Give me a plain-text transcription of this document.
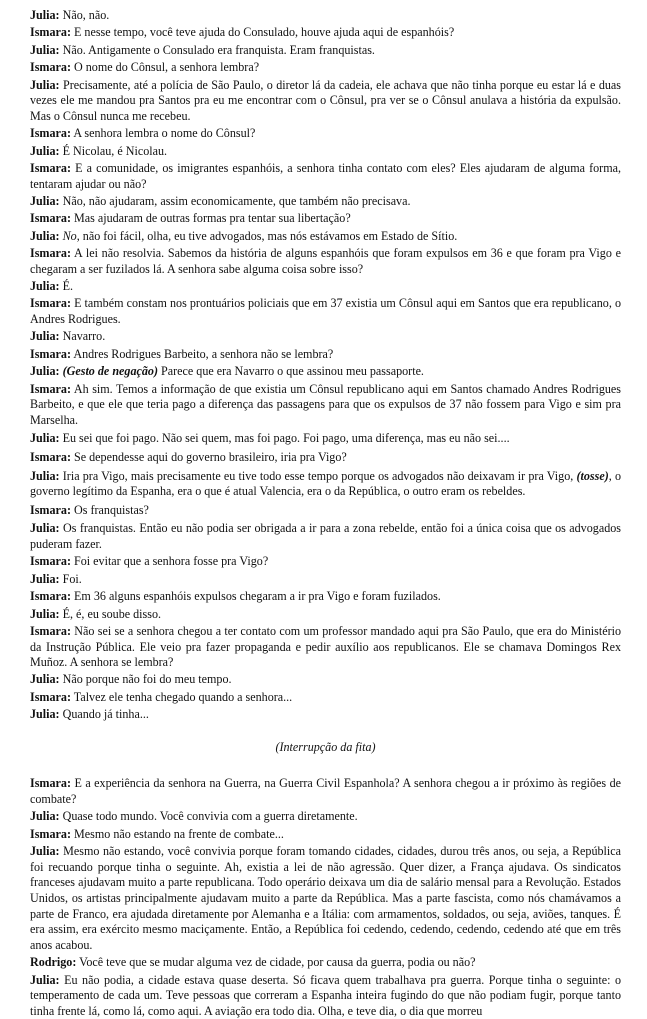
Julia: Não, não.

Ismara: E nesse tempo, você teve ajuda do Consulado, houve ajuda aqui de espanhóis?

Julia: Não. Antigamente o Consulado era franquista. Eram franquistas.

Ismara: O nome do Cônsul, a senhora lembra?

Julia: Precisamente, até a polícia de São Paulo, o diretor lá da cadeia, ele achava que não tinha porque eu estar lá e duas vezes ele me mandou pra Santos pra eu me encontrar com o Cônsul, pra ver se o Cônsul anulava a história da expulsão. Mas o Cônsul nunca me recebeu.

Ismara: A senhora lembra o nome do Cônsul?

Julia: É Nicolau, é Nicolau.

Ismara: E a comunidade, os imigrantes espanhóis, a senhora tinha contato com eles? Eles ajudaram de alguma forma, tentaram ajudar ou não?

Julia: Não, não ajudaram, assim economicamente, que também não precisava.

Ismara: Mas ajudaram de outras formas pra tentar sua libertação?

Julia: No, não foi fácil, olha, eu tive advogados, mas nós estávamos em Estado de Sítio.

Ismara: A lei não resolvia. Sabemos da história de alguns espanhóis que foram expulsos em 36 e que foram pra Vigo e chegaram a ser fuzilados lá. A senhora sabe alguma coisa sobre isso?

Julia: É.

Ismara: E também constam nos prontuários policiais que em 37 existia um Cônsul aqui em Santos que era republicano, o Andres Rodrigues.

Julia: Navarro.

Ismara: Andres Rodrigues Barbeito, a senhora não se lembra?

Julia: (Gesto de negação) Parece que era Navarro o que assinou meu passaporte.

Ismara: Ah sim. Temos a informação de que existia um Cônsul republicano aqui em Santos chamado Andres Rodrigues Barbeito, e que ele que teria pago a diferença das passagens para que os expulsos de 37 não fossem para Vigo e sim pra Marselha.

Julia: Eu sei que foi pago. Não sei quem, mas foi pago. Foi pago, uma diferença, mas eu não sei....

Ismara: Se dependesse aqui do governo brasileiro, iria pra Vigo?

Julia: Iria pra Vigo, mais precisamente eu tive todo esse tempo porque os advogados não deixavam ir pra Vigo, (tosse), o governo legítimo da Espanha, era o que é atual Valencia, era o da República, o outro eram os rebeldes.

Ismara: Os franquistas?

Julia: Os franquistas. Então eu não podia ser obrigada a ir para a zona rebelde, então foi a única coisa que os advogados puderam fazer.

Ismara: Foi evitar que a senhora fosse pra Vigo?

Julia: Foi.

Ismara: Em 36 alguns espanhóis expulsos chegaram a ir pra Vigo e foram fuzilados.

Julia: É, é, eu soube disso.

Ismara: Não sei se a senhora chegou a ter contato com um professor mandado aqui pra São Paulo, que era do Ministério da Instrução Pública. Ele veio pra fazer propaganda e pedir auxílio aos republicanos. Ele se chamava Domingos Rex Muñoz. A senhora se lembra?

Julia: Não porque não foi do meu tempo.

Ismara: Talvez ele tenha chegado quando a senhora...

Julia: Quando já tinha...

(Interrupção da fita)

Ismara: E a experiência da senhora na Guerra, na Guerra Civil Espanhola? A senhora chegou a ir próximo às regiões de combate?

Julia: Quase todo mundo. Você convivia com a guerra diretamente.

Ismara: Mesmo não estando na frente de combate...

Julia: Mesmo não estando, você convivia porque foram tomando cidades, cidades, durou três anos, ou seja, a República foi recuando porque tinha o seguinte. Ah, existia a lei de não agressão. Quer dizer, a França ajudava. Os sindicatos franceses ajudavam muito a parte republicana. Todo operário deixava um dia de salário mensal para a Revolução. Estados Unidos, os artistas principalmente ajudavam muito a parte da República. Mas a parte fascista, como nós chamávamos a parte de Franco, era ajudada diretamente por Alemanha e a Itália: com armamentos, soldados, ou seja, aviões, tanques. É era assim, era exército mesmo maciçamente. Então, a República foi cedendo, cedendo, cedendo, cedendo até que em três anos acabou.

Rodrigo: Você teve que se mudar alguma vez de cidade, por causa da guerra, podia ou não?

Julia: Eu não podia, a cidade estava quase deserta. Só ficava quem trabalhava pra guerra. Porque tinha o seguinte: o temperamento de cada um. Teve pessoas que correram a Espanha inteira fugindo do que não podiam fugir, porque tanto tinha frente lá, como lá, como aqui. A aviação era todo dia. Olha, e teve dia, o dia que morreu
